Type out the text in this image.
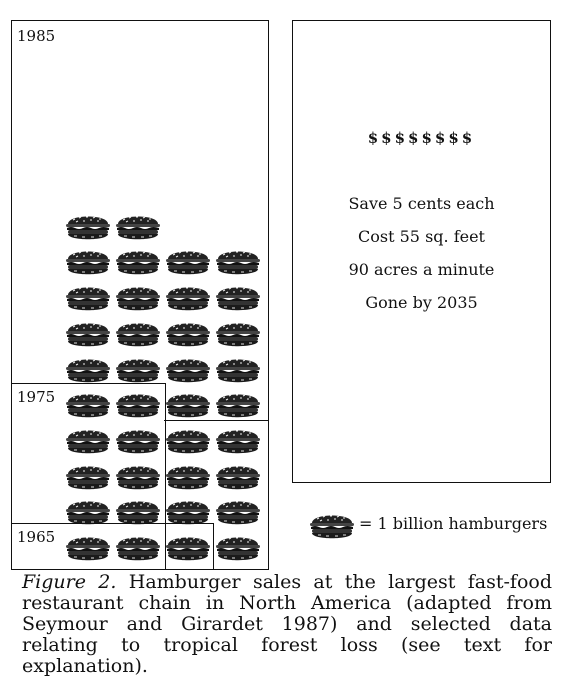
1985
1975
1965
$$$$$$$$
Save 5 cents each
Cost 55 sq. feet
90 acres a minute
Gone by 2035
= 1 billion hamburgers
Figure 2. Hamburger sales at the largest fast-food restaurant chain in North America (adapted from Seymour and Girardet 1987) and selected data relating to tropical forest loss (see text for explanation).
